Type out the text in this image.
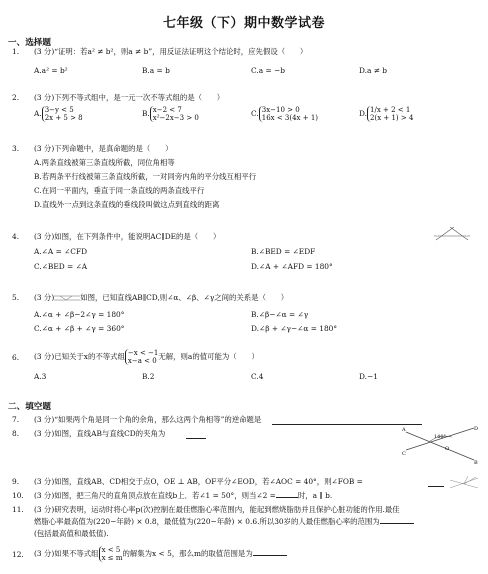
七年级（下）期中数学试卷
一、选择题
1. (3 分)“证明：若a² ≠ b²，则a ≠ b”，用反证法证明这个结论时，应先假设（　　）
A.a² = b²	B.a = b	C.a = −b	D.a ≠ b
2. (3 分)下列不等式组中，是一元一次不等式组的是（　　）
A. 3−y < 5
2x + 5 > 8	B. x−2 < 7
x²−2x−3 > 0	C. 3x−10 > 0
16x < 3(4x + 1)	D. 1/x + 2 < 1
2(x + 1) > 4
3. (3 分)下列命题中，是真命题的是（　　）
A.两条直线被第三条直线所截，同位角相等
B.若两条平行线被第三条直线所截，一对同旁内角的平分线互相平行
C.在同一平面内，垂直于同一条直线的两条直线平行
D.直线外一点到这条直线的垂线段叫做这点到直线的距离
4. (3 分)如图，在下列条件中，能说明AC∥DE的是（　　）
A.∠A = ∠CFD	B.∠BED = ∠EDF
C.∠BED = ∠A	D.∠A + ∠AFD = 180°
5. (3 分)	如图，已知直线AB∥CD,则∠α、∠β、∠γ之间的关系是（　　）
A.∠α + ∠β−2∠γ = 180°	B.∠β−∠α = ∠γ
C.∠α + ∠β + ∠γ = 360°	D.∠β + ∠γ−∠α = 180°
6. (3 分)已知关于x的不等式组 −x < −1
x−a < 0 无解，则a的值可能为（　　）
A.3	B.2	C.4	D.−1
二、填空题
7. (3 分)“如果两个角是同一个角的余角，那么这两个角相等”的逆命题是
8. (3 分)如图，直线AB与直线CD的夹角为	A
C
D
B
O
140°
9. (3 分)如图，直线AB、CD相交于点O，OE ⊥ AB，OF平分∠EOD，若∠AOC = 40°，则∠FOB =
10. (3 分)如图，把三角尺的直角顶点放在直线b上．若∠1 = 50°，则当∠2 =	时，a ∥ b.
11. (3 分)研究表明，运动时将心率p(次)控制在最佳燃脂心率范围内，能起到燃烧脂肪并且保护心脏功能的作用.最佳
燃脂心率最高值为(220−年龄) × 0.8，最低值为(220−年龄) × 0.6.所以30岁的人最佳燃脂心率的范围为
(包括最高值和最低值).
12. (3 分)如果不等式组 x < 5
x ≤ m的解集为x < 5，那么m的取值范围是为
